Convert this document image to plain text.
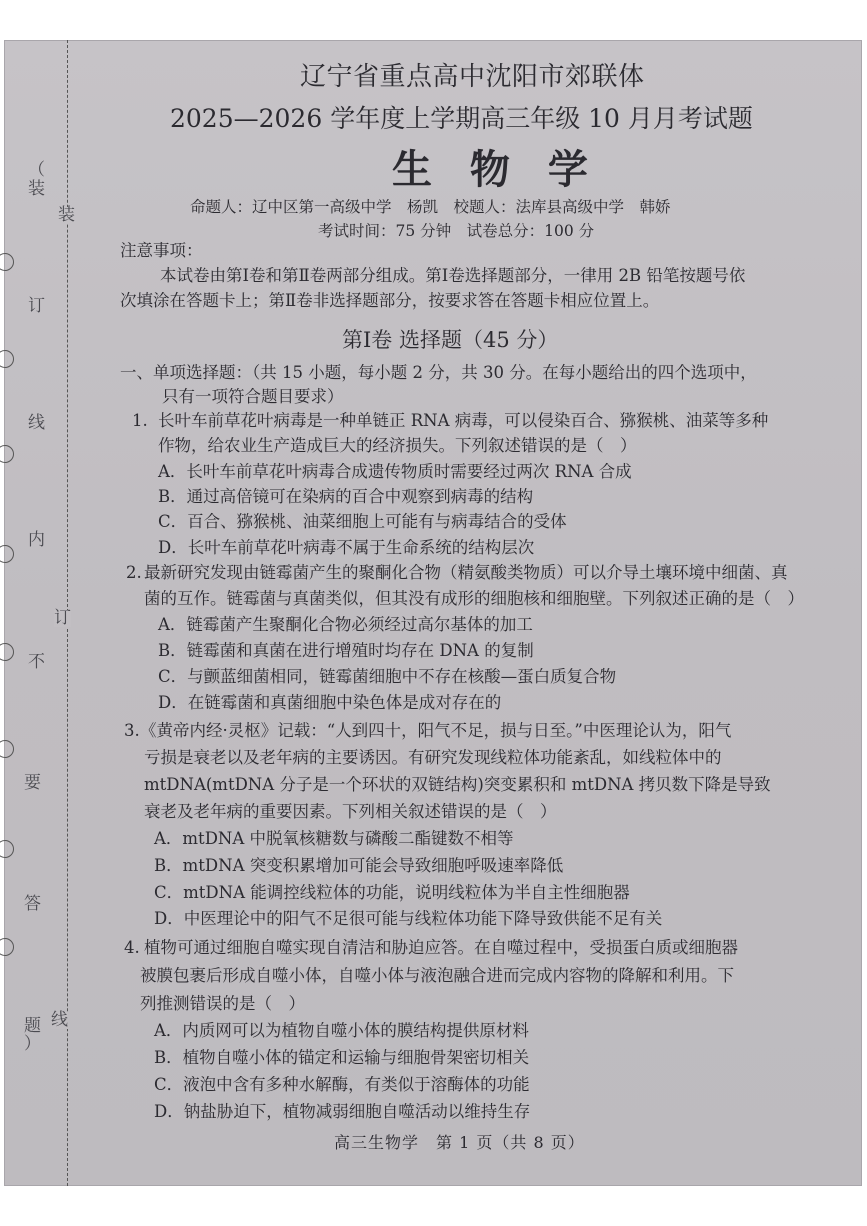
（
装
订
线
内
不
要
答
题
）
装
订
线
辽宁省重点高中沈阳市郊联体
2025—2026 学年度上学期高三年级 10 月月考试题
生 物 学
命题人：辽中区第一高级中学　杨凯　校题人：法库县高级中学　韩娇
考试时间：75 分钟　试卷总分：100 分
注意事项：
本试卷由第Ⅰ卷和第Ⅱ卷两部分组成。第Ⅰ卷选择题部分，一律用 2B 铅笔按题号依
次填涂在答题卡上；第Ⅱ卷非选择题部分，按要求答在答题卡相应位置上。
第Ⅰ卷 选择题（45 分）
一、单项选择题：（共 15 小题，每小题 2 分，共 30 分。在每小题给出的四个选项中，
只有一项符合题目要求）
1. 长叶车前草花叶病毒是一种单链正 RNA 病毒，可以侵染百合、猕猴桃、油菜等多种
作物，给农业生产造成巨大的经济损失。下列叙述错误的是（　）
A．长叶车前草花叶病毒合成遗传物质时需要经过两次 RNA 合成
B．通过高倍镜可在染病的百合中观察到病毒的结构
C．百合、猕猴桃、油菜细胞上可能有与病毒结合的受体
D．长叶车前草花叶病毒不属于生命系统的结构层次
2. 最新研究发现由链霉菌产生的聚酮化合物（精氨酸类物质）可以介导土壤环境中细菌、真
菌的互作。链霉菌与真菌类似，但其没有成形的细胞核和细胞壁。下列叙述正确的是（　）
A．链霉菌产生聚酮化合物必须经过高尔基体的加工
B．链霉菌和真菌在进行增殖时均存在 DNA 的复制
C．与颤蓝细菌相同，链霉菌细胞中不存在核酸—蛋白质复合物
D．在链霉菌和真菌细胞中染色体是成对存在的
3. 《黄帝内经·灵枢》记载：“人到四十，阳气不足，损与日至。”中医理论认为，阳气
亏损是衰老以及老年病的主要诱因。有研究发现线粒体功能紊乱，如线粒体中的
mtDNA(mtDNA 分子是一个环状的双链结构)突变累积和 mtDNA 拷贝数下降是导致
衰老及老年病的重要因素。下列相关叙述错误的是（　）
A．mtDNA 中脱氧核糖数与磷酸二酯键数不相等
B．mtDNA 突变积累增加可能会导致细胞呼吸速率降低
C．mtDNA 能调控线粒体的功能，说明线粒体为半自主性细胞器
D．中医理论中的阳气不足很可能与线粒体功能下降导致供能不足有关
4. 植物可通过细胞自噬实现自清洁和胁迫应答。在自噬过程中，受损蛋白质或细胞器
被膜包裹后形成自噬小体，自噬小体与液泡融合进而完成内容物的降解和利用。下
列推测错误的是（　）
A．内质网可以为植物自噬小体的膜结构提供原材料
B．植物自噬小体的锚定和运输与细胞骨架密切相关
C．液泡中含有多种水解酶，有类似于溶酶体的功能
D．钠盐胁迫下，植物减弱细胞自噬活动以维持生存
高三生物学　第 1 页（共 8 页）
